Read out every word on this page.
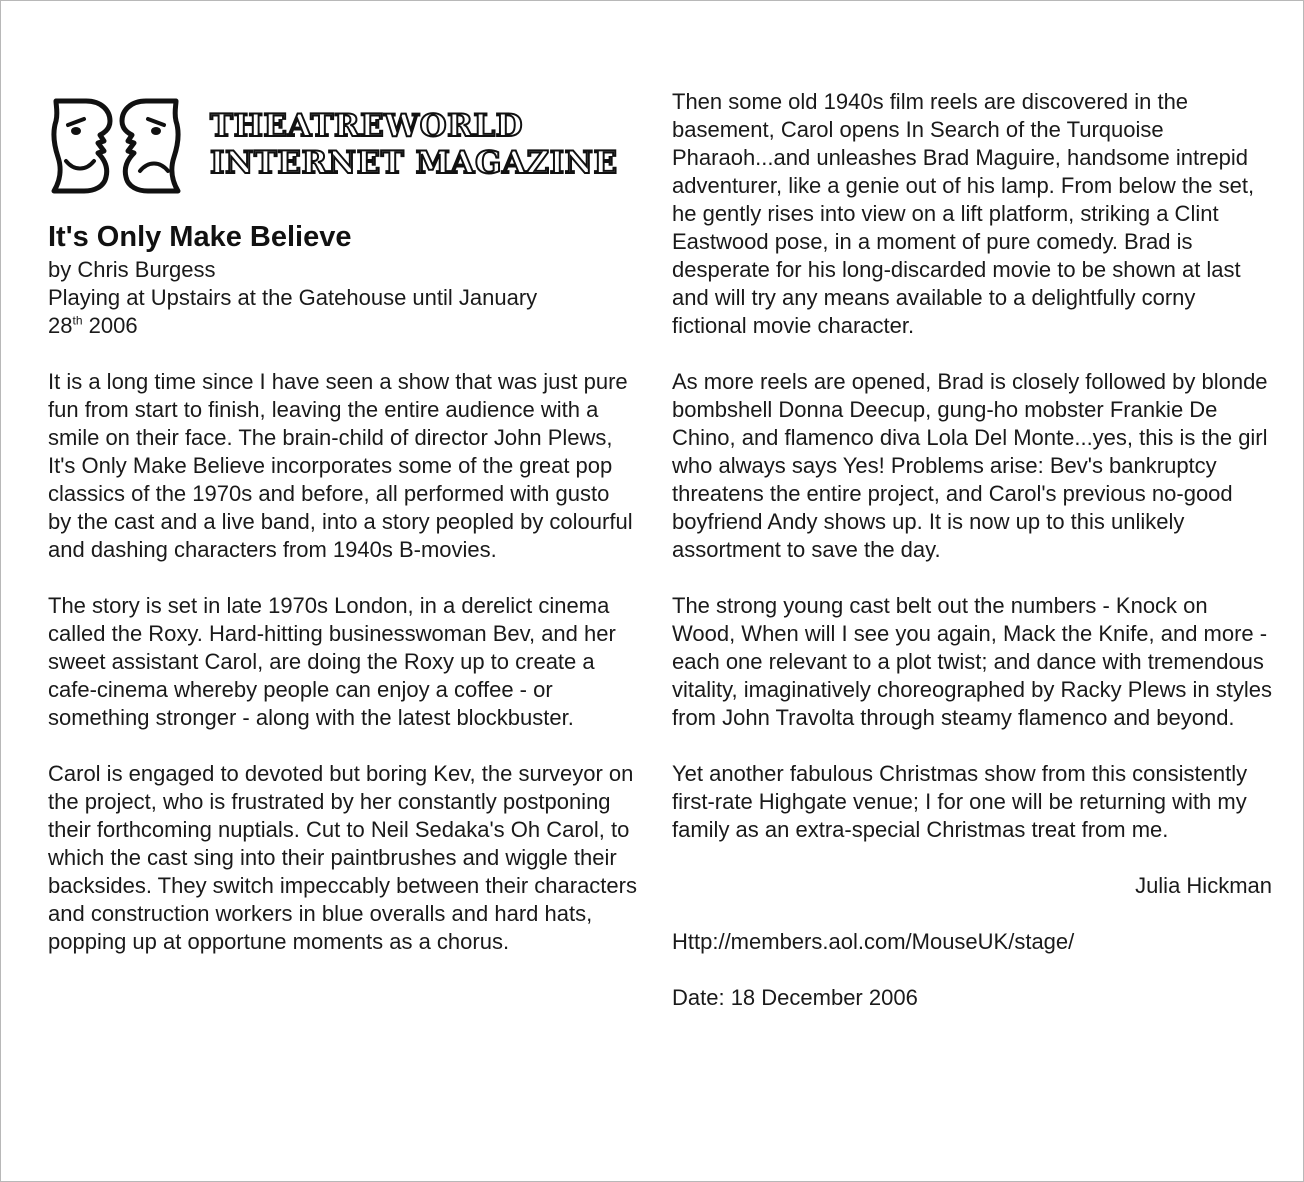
THEATREWORLD
INTERNET MAGAZINE
It's Only Make Believe
by Chris Burgess
Playing at Upstairs at the Gatehouse until January
28th 2006

It is a long time since I have seen a show that was just pure fun from start to finish, leaving the entire audience with a smile on their face. The brain-child of director John Plews, It's Only Make Believe incorporates some of the great pop classics of the 1970s and before, all performed with gusto by the cast and a live band, into a story peopled by colourful and dashing characters from 1940s B-movies.

The story is set in late 1970s London, in a derelict cinema called the Roxy. Hard-hitting businesswoman Bev, and her sweet assistant Carol, are doing the Roxy up to create a cafe-cinema whereby people can enjoy a coffee - or something stronger - along with the latest blockbuster.

Carol is engaged to devoted but boring Kev, the surveyor on the project, who is frustrated by her constantly postponing their forthcoming nuptials. Cut to Neil Sedaka's Oh Carol, to which the cast sing into their paintbrushes and wiggle their backsides. They switch impeccably between their characters and construction workers in blue overalls and hard hats,

popping up at opportune moments as a chorus.

Then some old 1940s film reels are discovered in the basement, Carol opens In Search of the Turquoise Pharaoh...and unleashes Brad Maguire, handsome intrepid adventurer, like a genie out of his lamp. From below the set, he gently rises into view on a lift platform, striking a Clint Eastwood pose, in a moment of pure comedy. Brad is desperate for his long-discarded movie to be shown at last and will try any means available to a delightfully corny fictional movie character.

As more reels are opened, Brad is closely followed by blonde bombshell Donna Deecup, gung-ho mobster Frankie De Chino, and flamenco diva Lola Del Monte...yes, this is the girl who always says Yes! Problems arise: Bev's bankruptcy threatens the entire project, and Carol's previous no-good boyfriend Andy shows up. It is now up to this unlikely assortment to save the day.

The strong young cast belt out the numbers - Knock on Wood, When will I see you again, Mack the Knife, and more - each one relevant to a plot twist; and dance with tremendous vitality, imaginatively choreographed by Racky Plews in styles from John Travolta through steamy flamenco and beyond.

Yet another fabulous Christmas show from this consistently first-rate Highgate venue; I for one will be returning with my family as an extra-special Christmas treat from me.

Julia Hickman
Http://members.aol.com/MouseUK/stage/
Date: 18 December 2006
